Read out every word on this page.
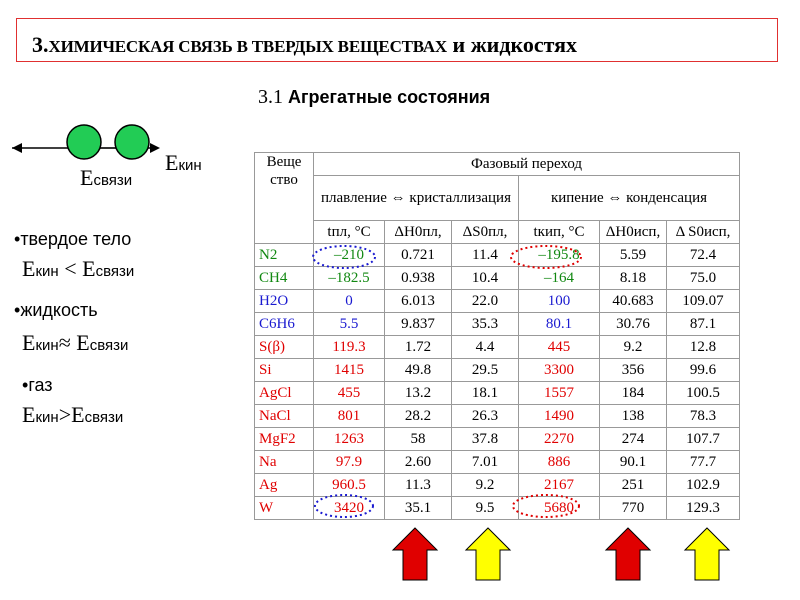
3.ХИМИЧЕСКАЯ СВЯЗЬ В ТВЕРДЫХ ВЕЩЕСТВАХ и жидкостях
3.1 Агрегатные состояния
Eсвязи
Eкин
•твердое тело
Eкин < Eсвязи
•жидкость
Eкин≈ Eсвязи
•газ
Eкин>Eсвязи
Веще ство	Фазовый переход					
	плавление ⇔ кристаллизация			кипение ⇔ конденсация		
	tпл, °C	ΔH0пл,	ΔS0пл,	tкип, °C	ΔH0исп,	Δ S0исп,
N2	–210	0.721	11.4	–195.8	5.59	72.4
CH4	–182.5	0.938	10.4	–164	8.18	75.0
H2O	0	6.013	22.0	100	40.683	109.07
C6H6	5.5	9.837	35.3	80.1	30.76	87.1
S(β)	119.3	1.72	4.4	445	9.2	12.8
Si	1415	49.8	29.5	3300	356	99.6
AgCl	455	13.2	18.1	1557	184	100.5
NaCl	801	28.2	26.3	1490	138	78.3
MgF2	1263	58	37.8	2270	274	107.7
Na	97.9	2.60	7.01	886	90.1	77.7
Ag	960.5	11.3	9.2	2167	251	102.9
W	3420	35.1	9.5	5680	770	129.3
